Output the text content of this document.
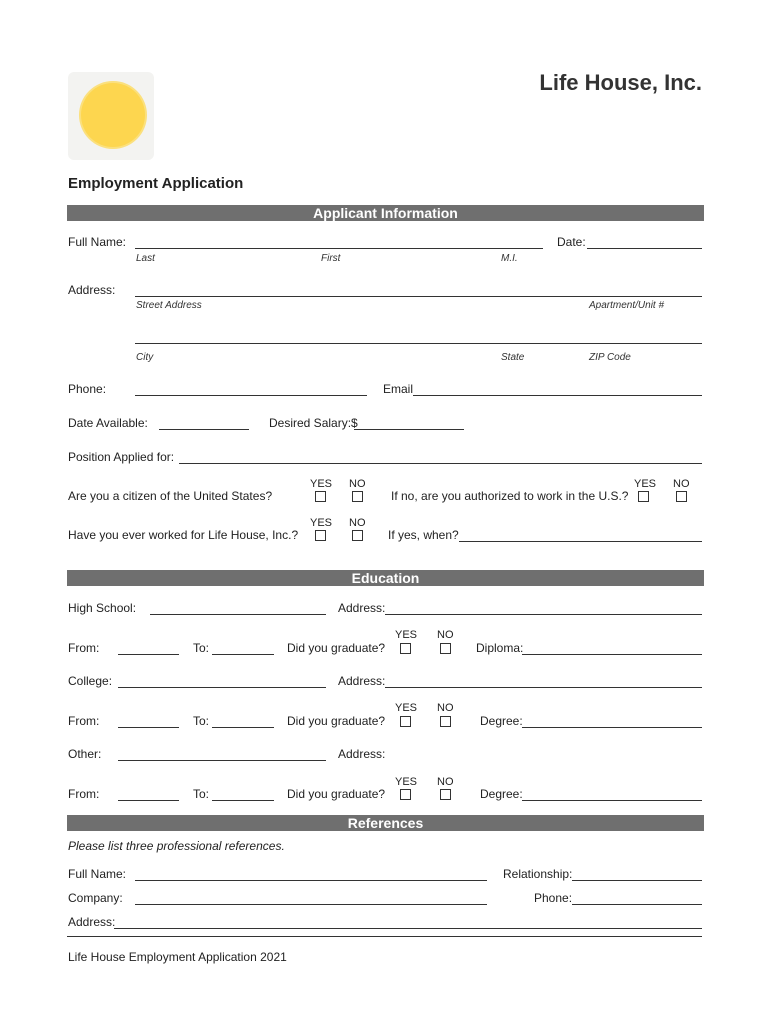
Life House, Inc.
Employment Application
Applicant Information
Full Name:
Last	First	M.I.
Date:
Address:
Street Address	Apartment/Unit #
City	State	ZIP Code
Phone:	Email
Date Available:	Desired Salary:$
Position Applied for:
YES NO
Are you a citizen of the United States?
YES NO
If no, are you authorized to work in the U.S.?
YES NO
Have you ever worked for Life House, Inc.?	If yes, when?
Education
High School:	Address:
YES NO
From:	To:	Did you graduate?	Diploma:
College:	Address:
YES NO
From:	To:	Did you graduate?	Degree:
Other:	Address:
YES NO
From:	To:	Did you graduate?	Degree:
References
Please list three professional references.
Full Name:	Relationship:
Company:	Phone:
Address:
Life House Employment Application 2021
